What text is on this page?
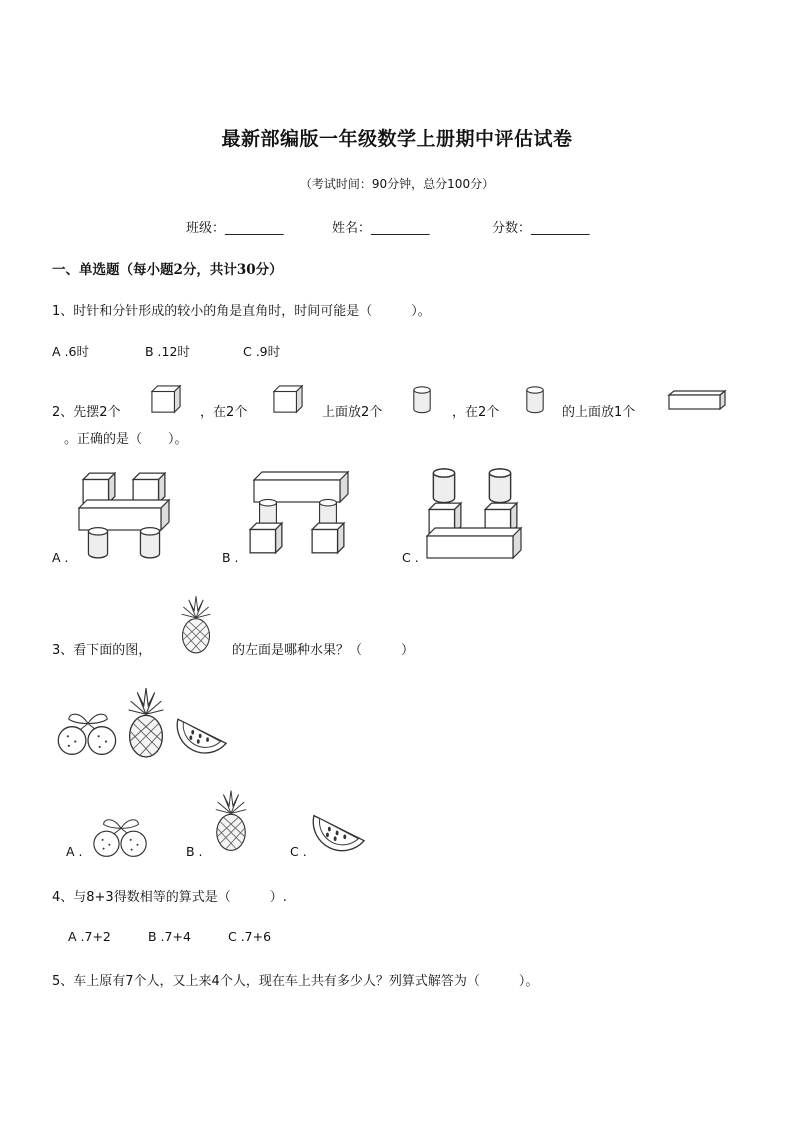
最新部编版一年级数学上册期中评估试卷
（考试时间：90分钟，总分100分）
班级：_________	姓名：_________	分数：_________
一、单选题（每小题2分，共计30分）
1、时针和分针形成的较小的角是直角时，时间可能是（　　　）。
A .6时	B .12时	C .9时
2、先摆2个	，在2个	上面放2个	，在2个	的上面放1个
。正确的是（　　）。
A .	B .	C .
3、看下面的图，	的左面是哪种水果？（　　　）
A .	B .	C .
4、与8+3得数相等的算式是（　　　）.
A .7+2	B .7+4	C .7+6
5、车上原有7个人，又上来4个人，现在车上共有多少人？列算式解答为（　　　）。
